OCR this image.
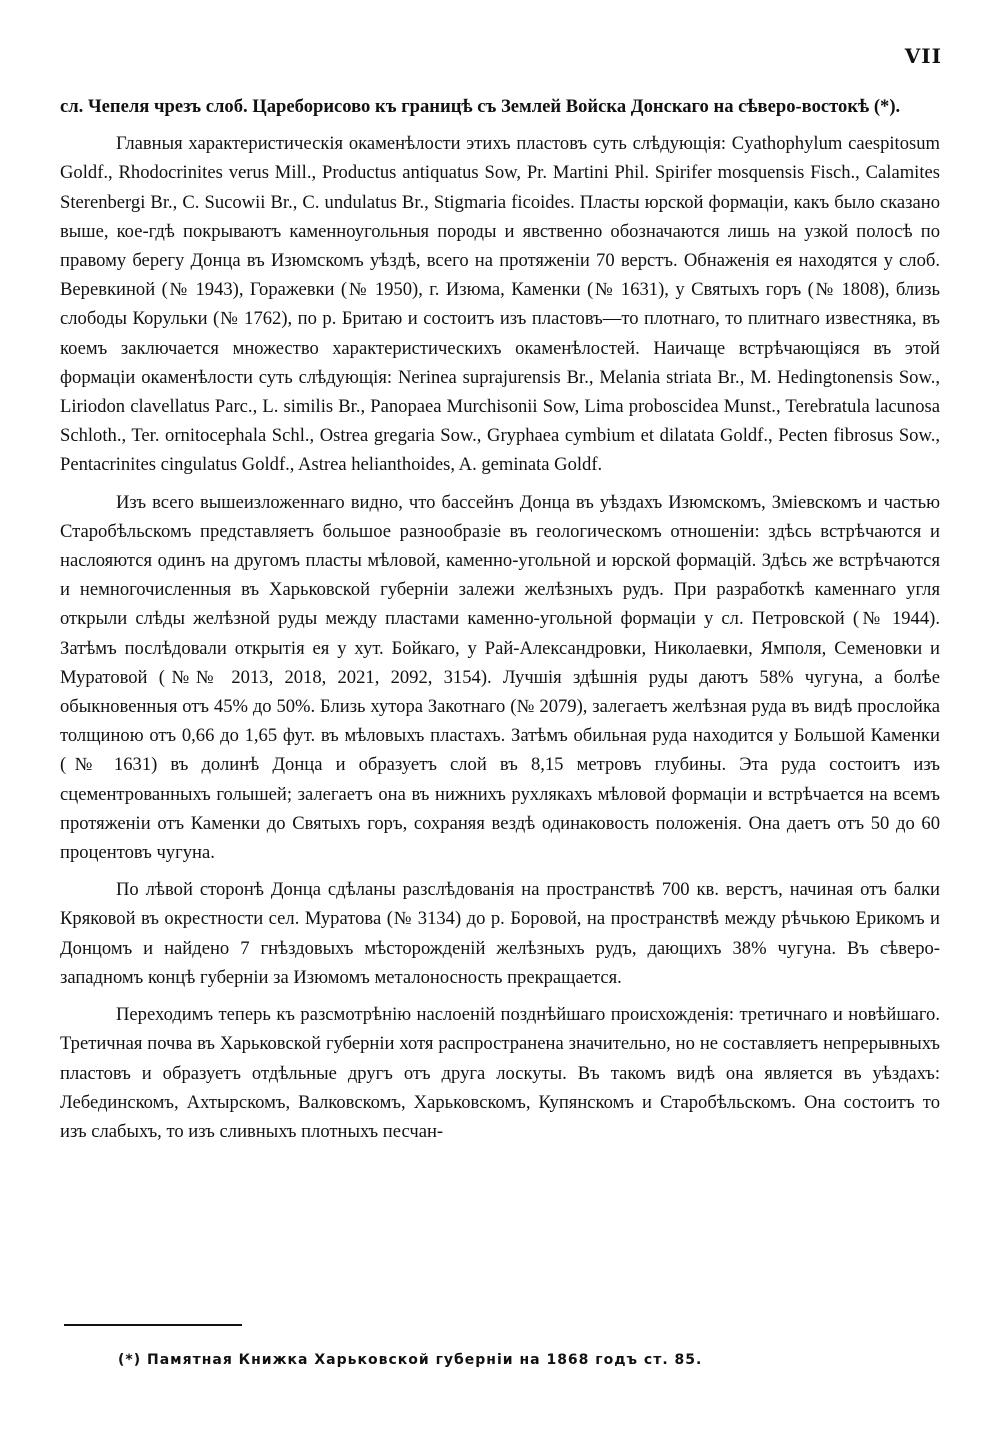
VII

сл. Чепеля чрезъ слоб. Цареборисово къ границѣ съ Землей Войска Донскаго на сѣверо-востокѣ (*).

Главныя характеристическія окаменѣлости этихъ пластовъ суть слѣдующія: Cyathophylum caespitosum Goldf., Rhodocrinites verus Mill., Productus antiquatus Sow, Pr. Martini Phil. Spirifer mosquensis Fisch., Calamites Sterenbergi Br., C. Sucowii Br., C. undulatus Br., Stigmaria ficoides. Пласты юрской формаціи, какъ было сказано выше, кое-гдѣ покрываютъ каменноугольныя породы и явственно обозначаются лишь на узкой полосѣ по правому берегу Донца въ Изюмскомъ уѣздѣ, всего на протяженіи 70 верстъ. Обнаженія ея находятся у слоб. Веревкиной (№ 1943), Горажевки (№ 1950), г. Изюма, Каменки (№ 1631), у Святыхъ горъ (№ 1808), близь слободы Корульки (№ 1762), по р. Бритаю и состоитъ изъ пластовъ—то плотнаго, то плитнаго известняка, въ коемъ заключается множество характеристическихъ окаменѣлостей. Наичаще встрѣчающіяся въ этой формаціи окаменѣлости суть слѣдующія: Nerinea suprajurensis Br., Melania striata Br., M. Hedingtonensis Sow., Liriodon clavellatus Parc., L. similis Br., Panopaea Murchisonii Sow, Lima proboscidea Munst., Terebratula lacunosa Schloth., Ter. ornitocephala Schl., Ostrea gregaria Sow., Gryphaea cymbium et dilatata Goldf., Pecten fibrosus Sow., Pentacrinites cingulatus Goldf., Astrea helianthoides, A. geminata Goldf.

Изъ всего вышеизложеннаго видно, что бассейнъ Донца въ уѣздахъ Изюмскомъ, Зміевскомъ и частью Старобѣльскомъ представляетъ большое разнообразіе въ геологическомъ отношеніи: здѣсь встрѣчаются и наслояются одинъ на другомъ пласты мѣловой, каменно-угольной и юрской формацій. Здѣсь же встрѣчаются и немногочисленныя въ Харьковской губерніи залежи желѣзныхъ рудъ. При разработкѣ каменнаго угля открыли слѣды желѣзной руды между пластами каменно-угольной формаціи у сл. Петровской (№ 1944). Затѣмъ послѣдовали открытія ея у хут. Бойкаго, у Рай-Александровки, Николаевки, Ямполя, Семеновки и Муратовой (№№ 2013, 2018, 2021, 2092, 3154). Лучшія здѣшнія руды даютъ 58% чугуна, а болѣе обыкновенныя отъ 45% до 50%. Близь хутора Закотнаго (№ 2079), залегаетъ желѣзная руда въ видѣ прослойка толщиною отъ 0,66 до 1,65 фут. въ мѣловыхъ пластахъ. Затѣмъ обильная руда находится у Большой Каменки (№ 1631) въ долинѣ Донца и образуетъ слой въ 8,15 метровъ глубины. Эта руда состоитъ изъ сцементрованныхъ голышей; залегаетъ она въ нижнихъ рухлякахъ мѣловой формаціи и встрѣчается на всемъ протяженіи отъ Каменки до Святыхъ горъ, сохраняя вездѣ одинаковость положенія. Она даетъ отъ 50 до 60 процентовъ чугуна.

По лѣвой сторонѣ Донца сдѣланы разслѣдованія на пространствѣ 700 кв. верстъ, начиная отъ балки Кряковой въ окрестности сел. Муратова (№ 3134) до р. Боровой, на пространствѣ между рѣчькою Ерикомъ и Донцомъ и найдено 7 гнѣздовыхъ мѣсторожденій желѣзныхъ рудъ, дающихъ 38% чугуна. Въ сѣверо-западномъ концѣ губерніи за Изюмомъ металоносность прекращается.

Переходимъ теперь къ разсмотрѣнію наслоеній позднѣйшаго происхожденія: третичнаго и новѣйшаго. Третичная почва въ Харьковской губерніи хотя распространена значительно, но не составляетъ непрерывныхъ пластовъ и образуетъ отдѣльные другъ отъ друга лоскуты. Въ такомъ видѣ она является въ уѣздахъ: Лебединскомъ, Ахтырскомъ, Валковскомъ, Харьковскомъ, Купянскомъ и Старобѣльскомъ. Она состоитъ то изъ слабыхъ, то изъ сливныхъ плотныхъ песчан-

(*) Памятная Книжка Харьковской губерніи на 1868 годъ ст. 85.
